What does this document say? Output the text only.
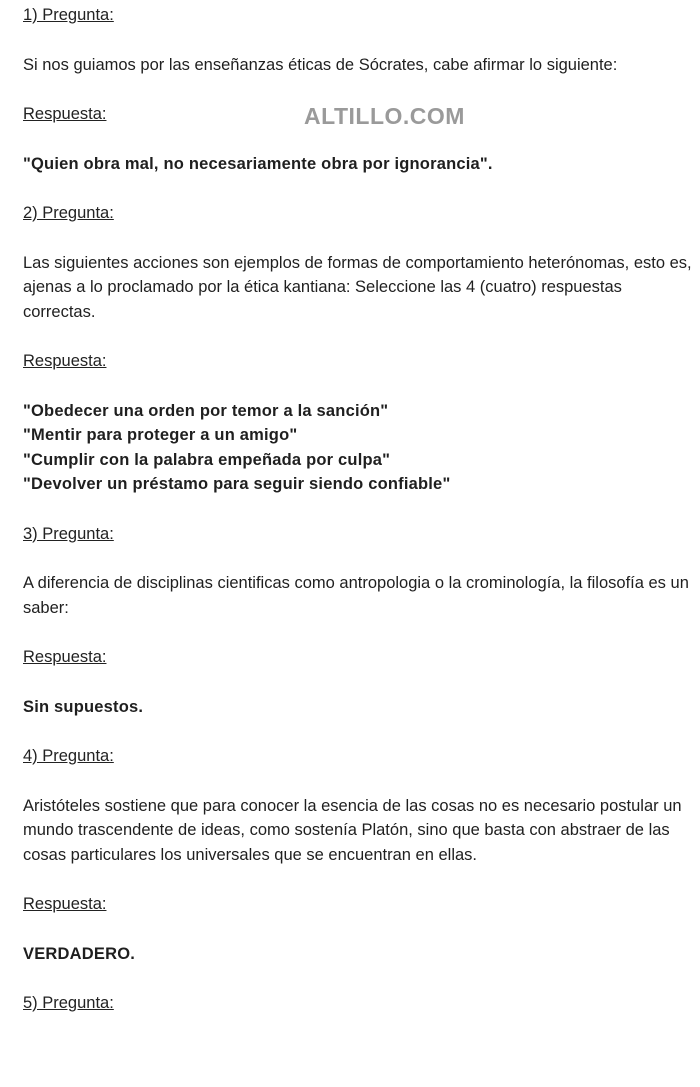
1) Pregunta:
Si nos guiamos por las enseñanzas éticas de Sócrates, cabe afirmar lo siguiente:
Respuesta:
"Quien obra mal, no necesariamente obra por ignorancia".
2) Pregunta:
Las siguientes acciones son ejemplos de formas de comportamiento heterónomas, esto es, ajenas a lo proclamado por la ética kantiana: Seleccione las 4 (cuatro) respuestas correctas.
Respuesta:
"Obedecer una orden por temor a la sanción"
"Mentir para proteger a un amigo"
"Cumplir con la palabra empeñada por culpa"
"Devolver un préstamo para seguir siendo confiable"
3) Pregunta:
A diferencia de disciplinas cientificas como antropologia o la crominología, la filosofía es un saber:
Respuesta:
Sin supuestos.
4) Pregunta:
Aristóteles sostiene que para conocer la esencia de las cosas no es necesario postular un mundo trascendente de ideas, como sostenía Platón, sino que basta con abstraer de las cosas particulares los universales que se encuentran en ellas.
Respuesta:
VERDADERO.
5) Pregunta:
ALTILLO.COM
